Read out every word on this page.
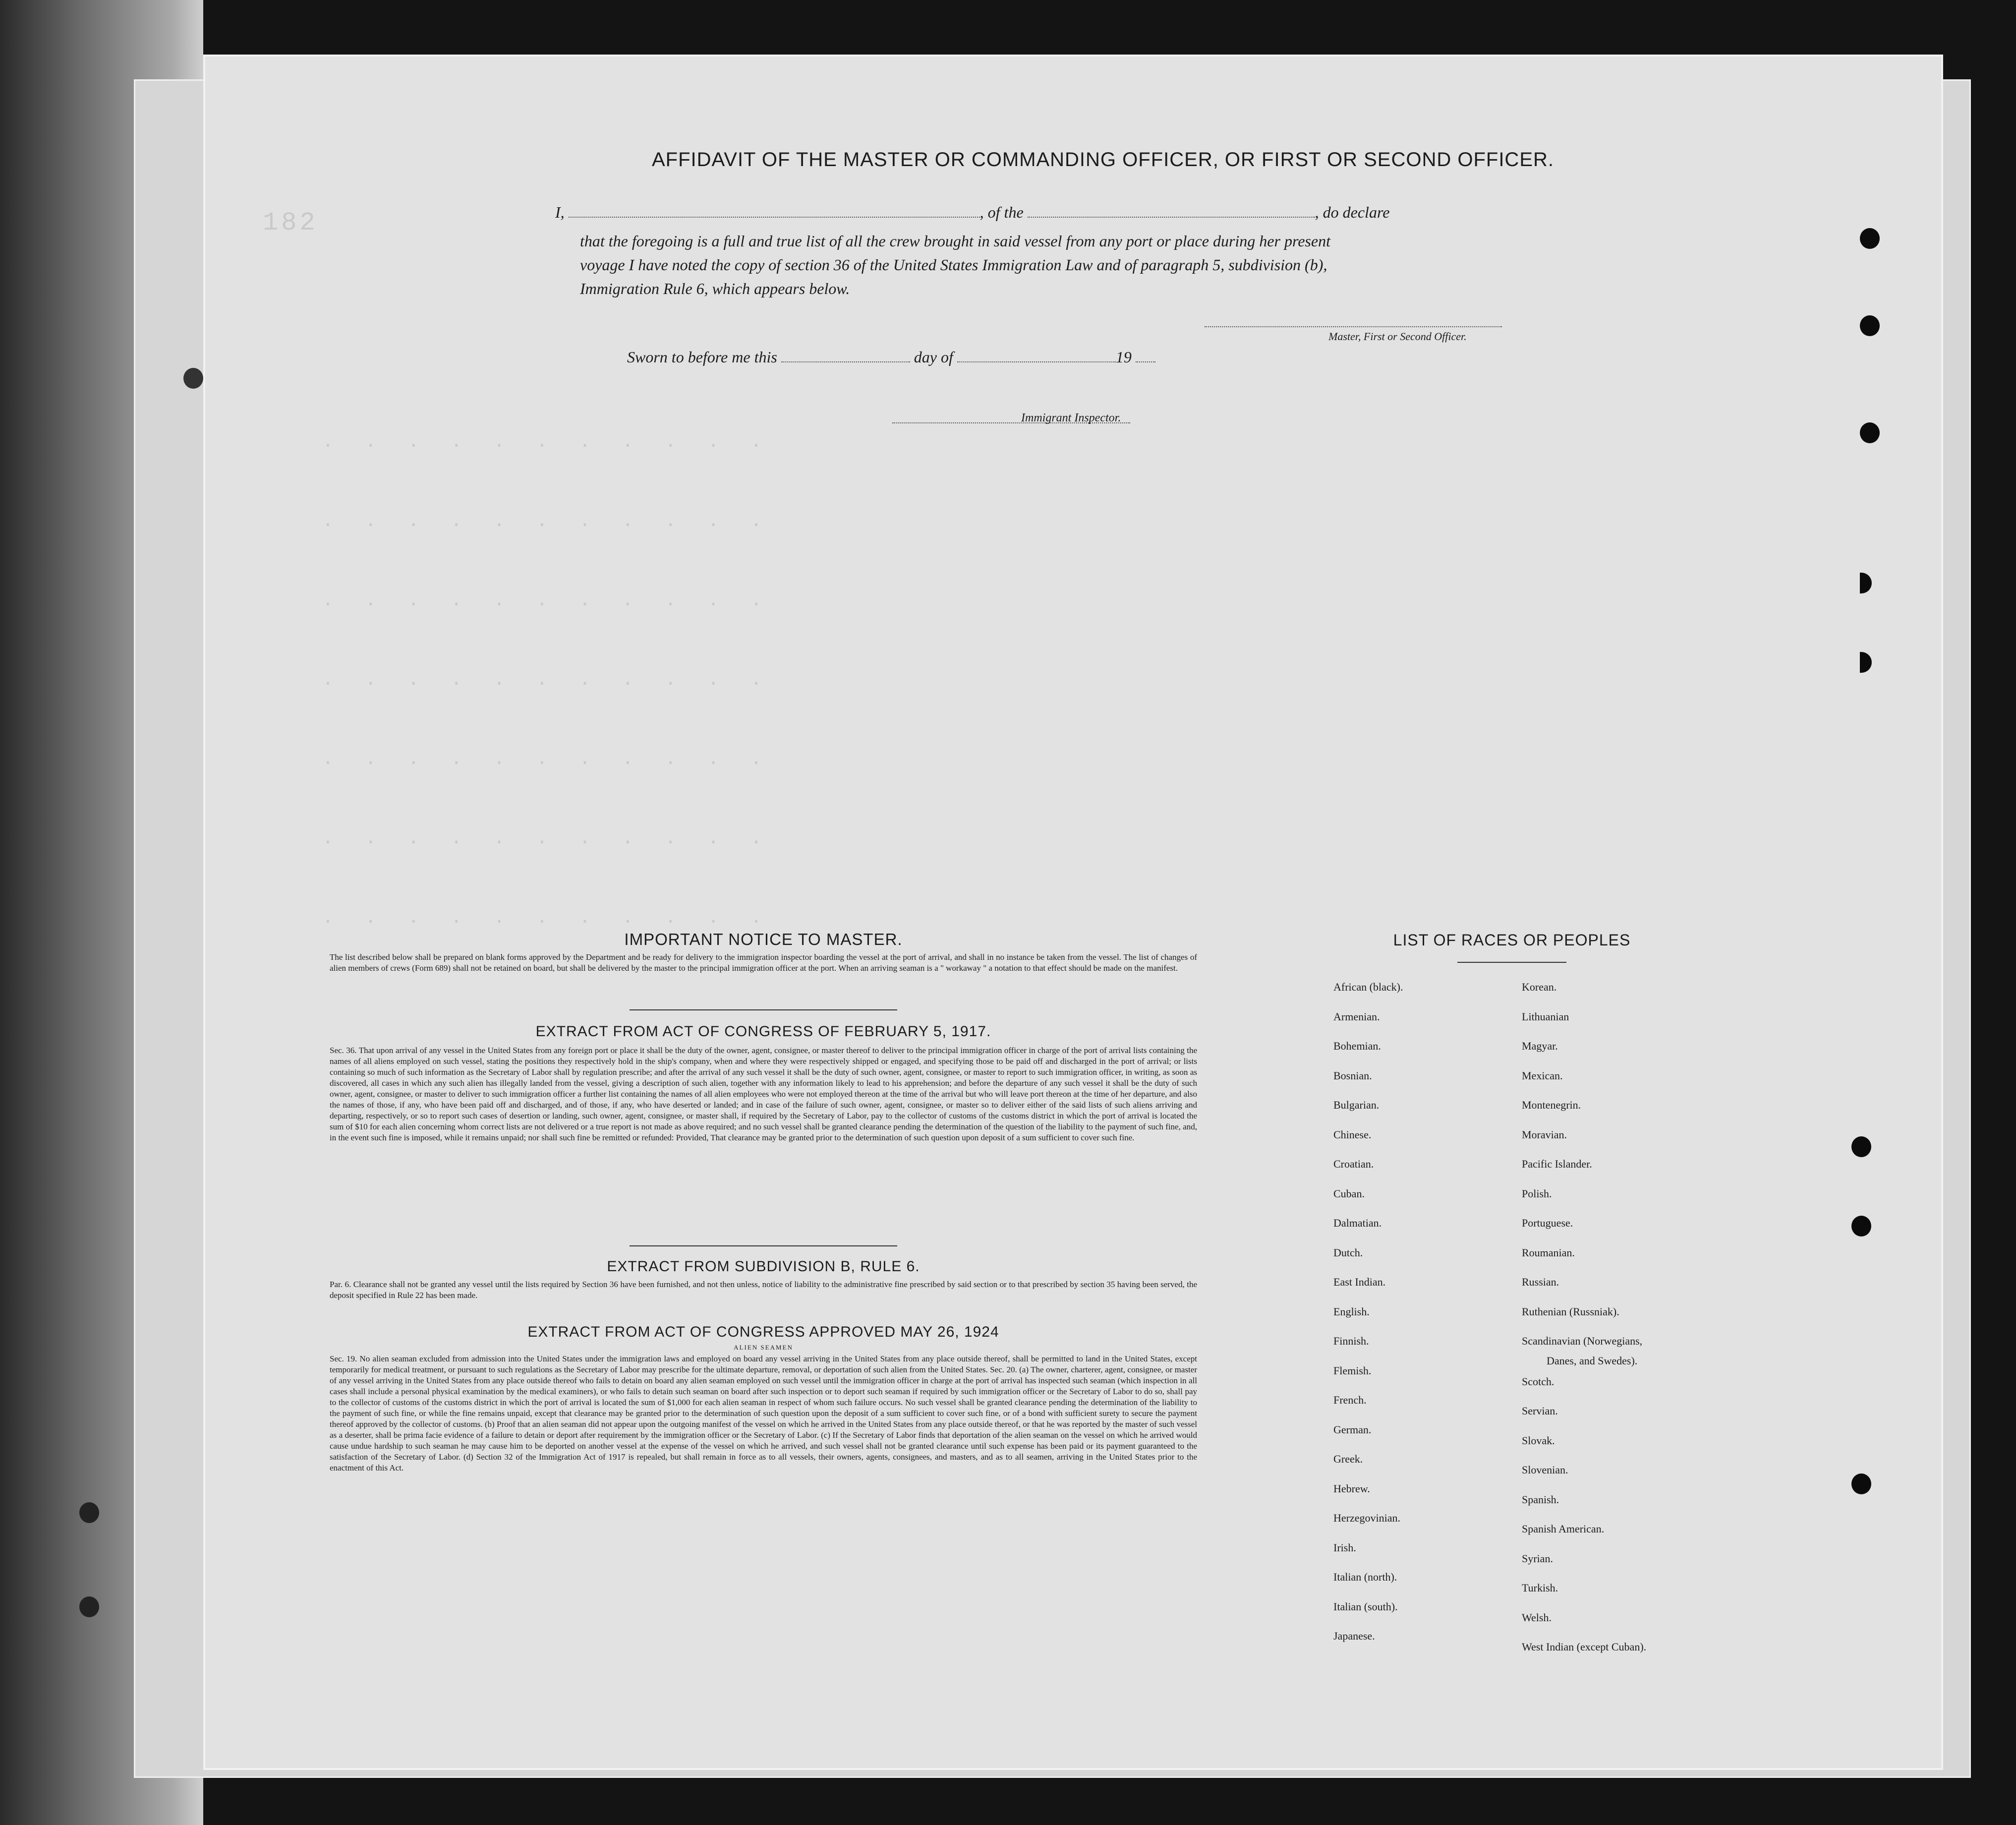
182
.  .  .  .  .  .  .  .  .  .  .
.  .  .  .  .  .  .  .  .  .  .
.  .  .  .  .  .  .  .  .  .  .
.  .  .  .  .  .  .  .  .  .  .
.  .  .  .  .  .  .  .  .  .  .
.  .  .  .  .  .  .  .  .  .  .
.  .  .  .  .  .  .  .  .  .  .
AFFIDAVIT OF THE MASTER OR COMMANDING OFFICER, OR FIRST OR SECOND OFFICER.
I,	, of the	, do declare
that the foregoing is a full and true list of all the crew brought in said vessel from any port or place during her present
voyage I have noted the copy of section 36 of the United States Immigration Law and of paragraph 5, subdivision (b),
Immigration Rule 6, which appears below.
Master, First or Second Officer.
Sworn to before me this	day of	19
Immigrant Inspector.
IMPORTANT NOTICE TO MASTER.
The list described below shall be prepared on blank forms approved by the Department and be ready for delivery to the immigration inspector boarding the vessel at the port of arrival, and shall in no instance be taken from the vessel. The list of changes of alien members of crews (Form 689) shall not be retained on board, but shall be delivered by the master to the principal immigration officer at the port. When an arriving seaman is a " workaway " a notation to that effect should be made on the manifest.
EXTRACT FROM ACT OF CONGRESS OF FEBRUARY 5, 1917.
Sec. 36. That upon arrival of any vessel in the United States from any foreign port or place it shall be the duty of the owner, agent, consignee, or master thereof to deliver to the principal immigration officer in charge of the port of arrival lists containing the names of all aliens employed on such vessel, stating the positions they respectively hold in the ship's company, when and where they were respectively shipped or engaged, and specifying those to be paid off and discharged in the port of arrival; or lists containing so much of such information as the Secretary of Labor shall by regulation prescribe; and after the arrival of any such vessel it shall be the duty of such owner, agent, consignee, or master to report to such immigration officer, in writing, as soon as discovered, all cases in which any such alien has illegally landed from the vessel, giving a description of such alien, together with any information likely to lead to his apprehension; and before the departure of any such vessel it shall be the duty of such owner, agent, consignee, or master to deliver to such immigration officer a further list containing the names of all alien employees who were not employed thereon at the time of the arrival but who will leave port thereon at the time of her departure, and also the names of those, if any, who have been paid off and discharged, and of those, if any, who have deserted or landed; and in case of the failure of such owner, agent, consignee, or master so to deliver either of the said lists of such aliens arriving and departing, respectively, or so to report such cases of desertion or landing, such owner, agent, consignee, or master shall, if required by the Secretary of Labor, pay to the collector of customs of the customs district in which the port of arrival is located the sum of $10 for each alien concerning whom correct lists are not delivered or a true report is not made as above required; and no such vessel shall be granted clearance pending the determination of the question of the liability to the payment of such fine, and, in the event such fine is imposed, while it remains unpaid; nor shall such fine be remitted or refunded: Provided, That clearance may be granted prior to the determination of such question upon deposit of a sum sufficient to cover such fine.
EXTRACT FROM SUBDIVISION B, RULE 6.
Par. 6. Clearance shall not be granted any vessel until the lists required by Section 36 have been furnished, and not then unless, notice of liability to the administrative fine prescribed by said section or to that prescribed by section 35 having been served, the deposit specified in Rule 22 has been made.
EXTRACT FROM ACT OF CONGRESS APPROVED MAY 26, 1924
ALIEN SEAMEN
Sec. 19. No alien seaman excluded from admission into the United States under the immigration laws and employed on board any vessel arriving in the United States from any place outside thereof, shall be permitted to land in the United States, except temporarily for medical treatment, or pursuant to such regulations as the Secretary of Labor may prescribe for the ultimate departure, removal, or deportation of such alien from the United States. Sec. 20. (a) The owner, charterer, agent, consignee, or master of any vessel arriving in the United States from any place outside thereof who fails to detain on board any alien seaman employed on such vessel until the immigration officer in charge at the port of arrival has inspected such seaman (which inspection in all cases shall include a personal physical examination by the medical examiners), or who fails to detain such seaman on board after such inspection or to deport such seaman if required by such immigration officer or the Secretary of Labor to do so, shall pay to the collector of customs of the customs district in which the port of arrival is located the sum of $1,000 for each alien seaman in respect of whom such failure occurs. No such vessel shall be granted clearance pending the determination of the liability to the payment of such fine, or while the fine remains unpaid, except that clearance may be granted prior to the determination of such question upon the deposit of a sum sufficient to cover such fine, or of a bond with sufficient surety to secure the payment thereof approved by the collector of customs. (b) Proof that an alien seaman did not appear upon the outgoing manifest of the vessel on which he arrived in the United States from any place outside thereof, or that he was reported by the master of such vessel as a deserter, shall be prima facie evidence of a failure to detain or deport after requirement by the immigration officer or the Secretary of Labor. (c) If the Secretary of Labor finds that deportation of the alien seaman on the vessel on which he arrived would cause undue hardship to such seaman he may cause him to be deported on another vessel at the expense of the vessel on which he arrived, and such vessel shall not be granted clearance until such expense has been paid or its payment guaranteed to the satisfaction of the Secretary of Labor. (d) Section 32 of the Immigration Act of 1917 is repealed, but shall remain in force as to all vessels, their owners, agents, consignees, and masters, and as to all seamen, arriving in the United States prior to the enactment of this Act.
LIST OF RACES OR PEOPLES
African (black).
Armenian.
Bohemian.
Bosnian.
Bulgarian.
Chinese.
Croatian.
Cuban.
Dalmatian.
Dutch.
East Indian.
English.
Finnish.
Flemish.
French.
German.
Greek.
Hebrew.
Herzegovinian.
Irish.
Italian (north).
Italian (south).
Japanese.
Korean.
Lithuanian
Magyar.
Mexican.
Montenegrin.
Moravian.
Pacific Islander.
Polish.
Portuguese.
Roumanian.
Russian.
Ruthenian (Russniak).
Scandinavian (Norwegians,
Scotch.
Servian.
Slovak.
Slovenian.
Spanish.
Spanish American.
Syrian.
Turkish.
Welsh.
West Indian (except Cuban).
Danes, and Swedes).
